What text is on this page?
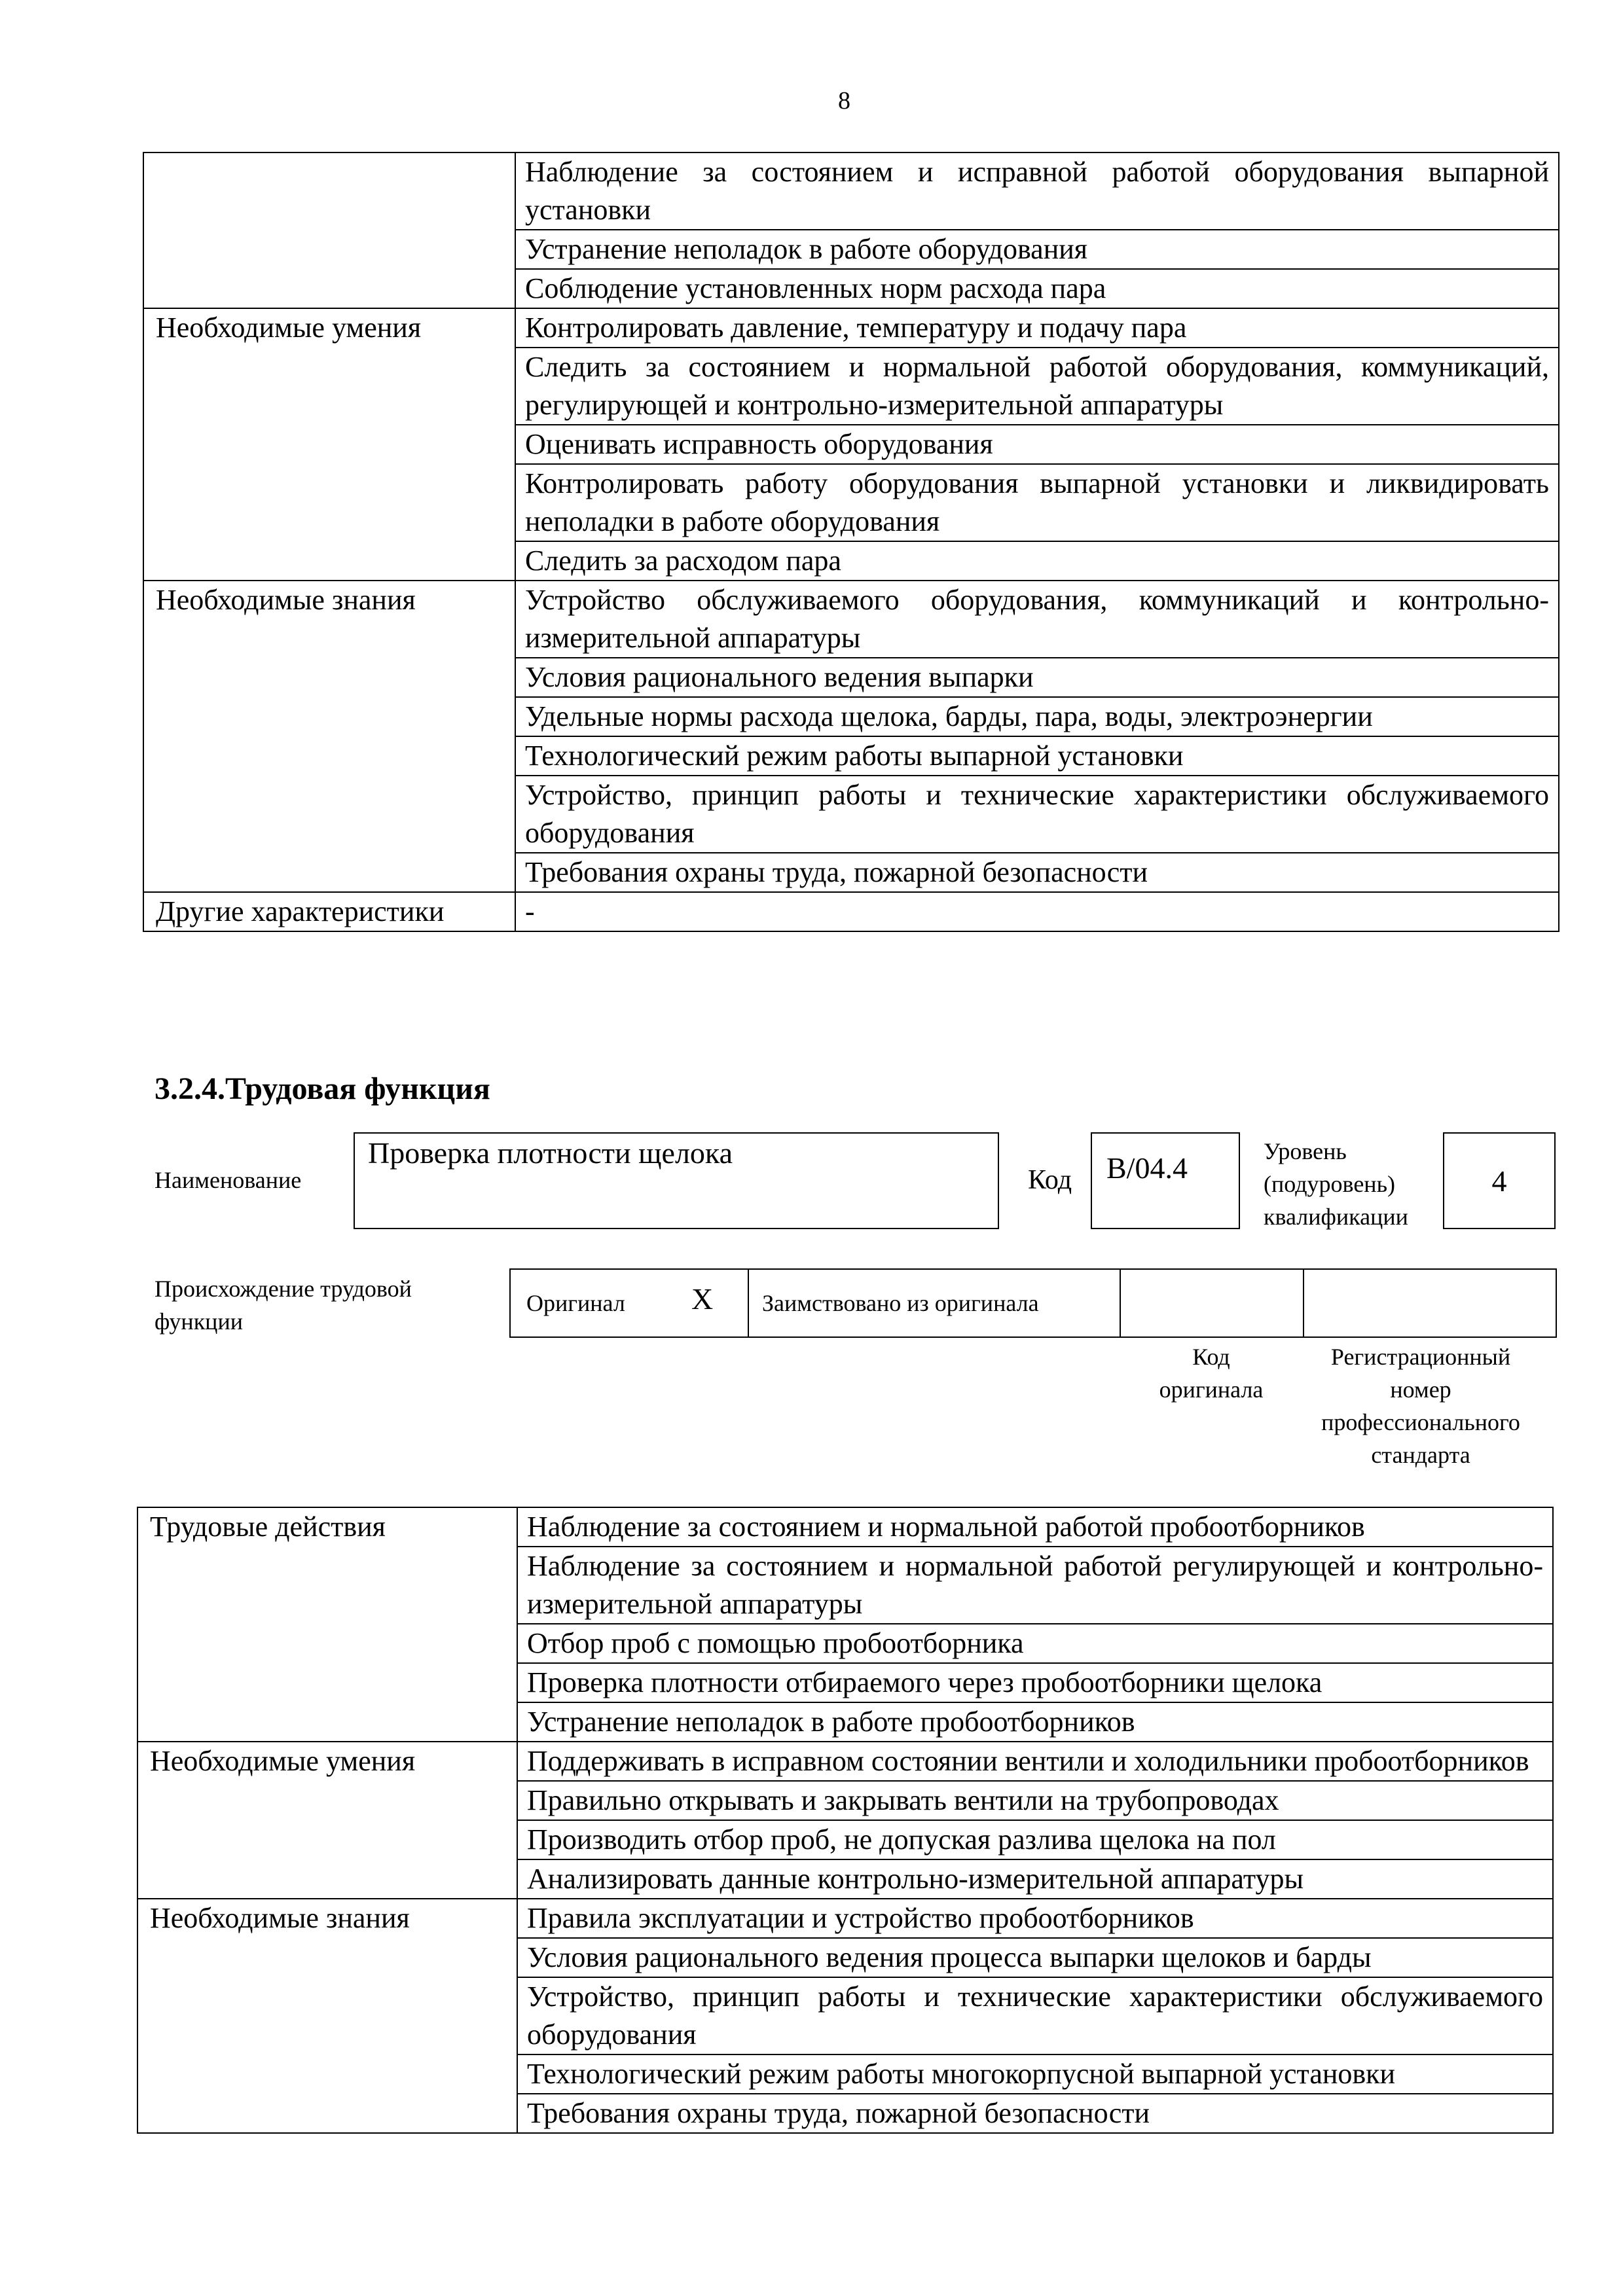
8
	Наблюдение за состоянием и исправной работой оборудования выпарной установки
	Устранение неполадок в работе оборудования
	Соблюдение установленных норм расхода пара
Необходимые умения	Контролировать давление, температуру и подачу пара
	Следить за состоянием и нормальной работой оборудования, коммуникаций, регулирующей и контрольно-измерительной аппаратуры
	Оценивать исправность оборудования
	Контролировать работу оборудования выпарной установки и ликвидировать неполадки в работе оборудования
	Следить за расходом пара
Необходимые знания	Устройство обслуживаемого оборудования, коммуникаций и контрольно-измерительной аппаратуры
	Условия рационального ведения выпарки
	Удельные нормы расхода щелока, барды, пара, воды, электроэнергии
	Технологический режим работы выпарной установки
	Устройство, принцип работы и технические характеристики обслуживаемого оборудования
	Требования охраны труда, пожарной безопасности
Другие характеристики	-
3.2.4.Трудовая функция
Наименование
Проверка плотности щелока
Код	В/04.4	Уровень
(подуровень)
квалификации
4
Происхождение трудовой
функции
Оригинал X Заимствовано из оригинала
Код
оригинала
Регистрационный
номер
профессионального
стандарта
Трудовые действия	Наблюдение за состоянием и нормальной работой пробоотборников
	Наблюдение за состоянием и нормальной работой регулирующей и контрольно-измерительной аппаратуры
	Отбор проб с помощью пробоотборника
	Проверка плотности отбираемого через пробоотборники щелока
	Устранение неполадок в работе пробоотборников
Необходимые умения	Поддерживать в исправном состоянии вентили и холодильники пробоотборников
	Правильно открывать и закрывать вентили на трубопроводах
	Производить отбор проб, не допуская разлива щелока на пол
	Анализировать данные контрольно-измерительной аппаратуры
Необходимые знания	Правила эксплуатации и устройство пробоотборников
	Условия рационального ведения процесса выпарки щелоков и барды
	Устройство, принцип работы и технические характеристики обслуживаемого оборудования
	Технологический режим работы многокорпусной выпарной установки
	Требования охраны труда, пожарной безопасности
